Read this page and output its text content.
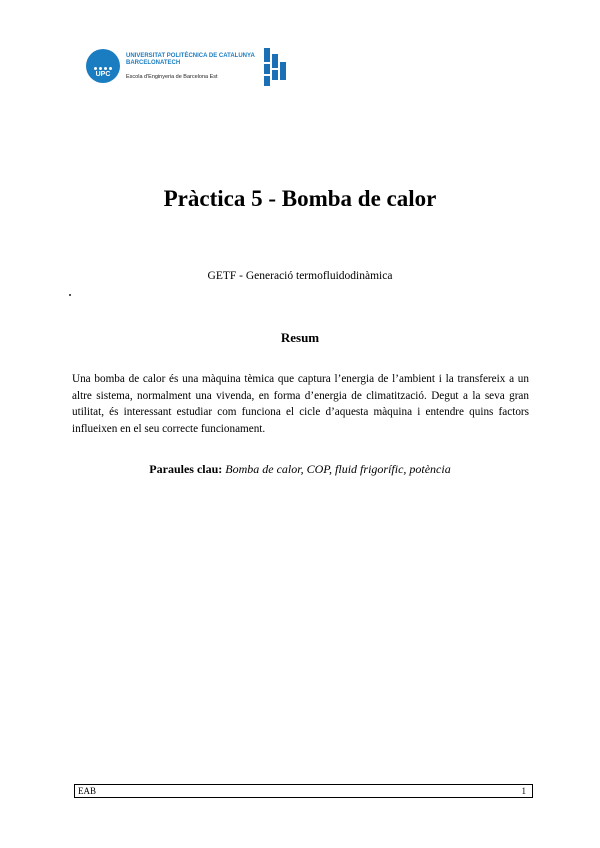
UPC
UNIVERSITAT POLITÈCNICA DE CATALUNYA
BARCELONATECH
Escola d'Enginyeria de Barcelona Est
Pràctica 5 - Bomba de calor
GETF - Generació termofluidodinàmica
Resum
Una bomba de calor és una màquina tèmica que captura l’energia de l’ambient i la transfereix a un altre sistema, normalment una vivenda, en forma d’energia de climatització. Degut a la seva gran utilitat, és interessant estudiar com funciona el cicle d’aquesta màquina i entendre quins factors influeixen en el seu correcte funcionament.
Paraules clau: Bomba de calor, COP, fluid frigorífic, potència
EAB	1
